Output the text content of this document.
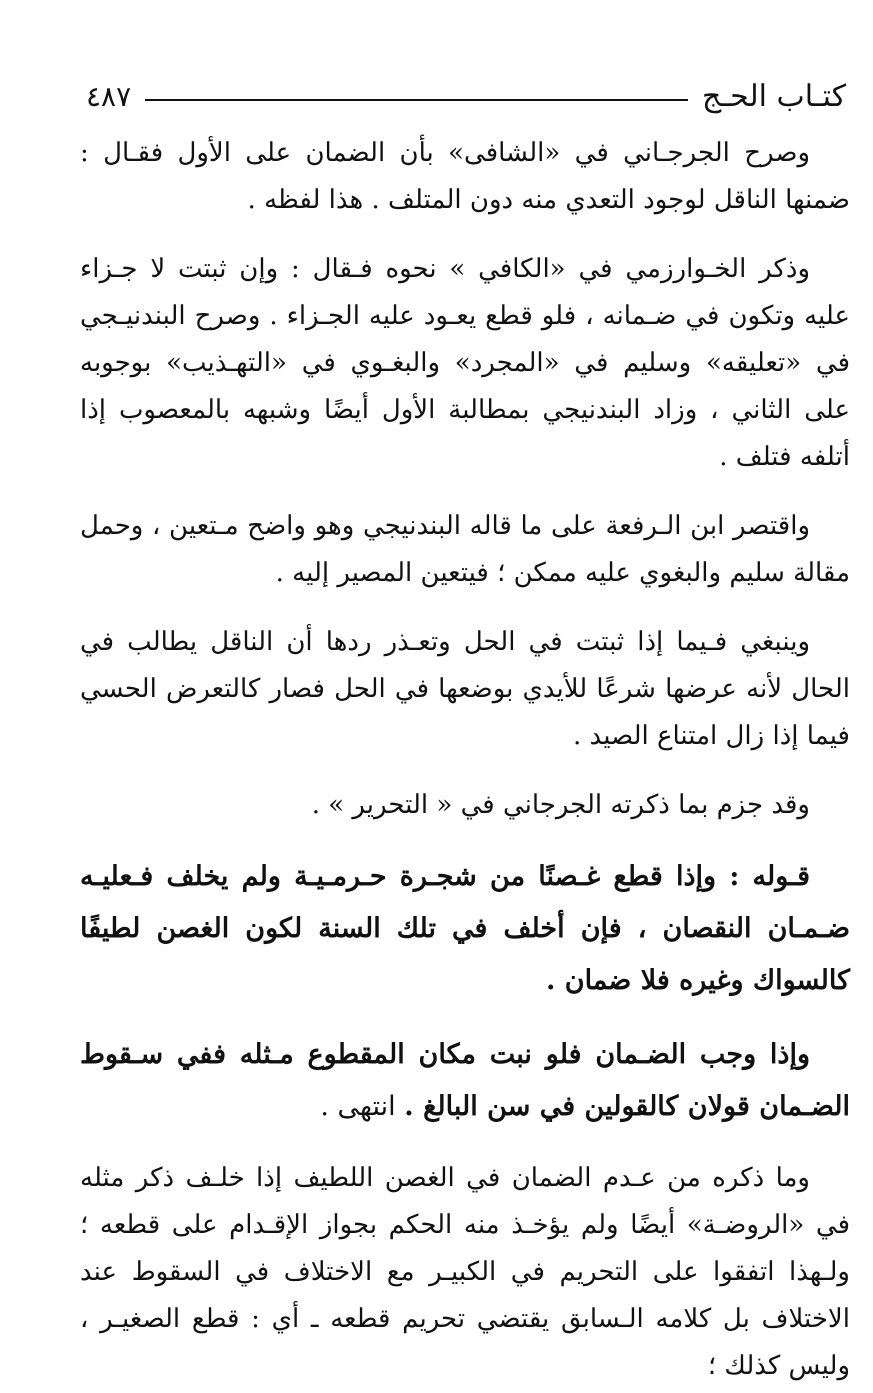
٤٨٧	كتـاب الحـج

وصرح الجرجـاني في «الشافى» بأن الضمان على الأول فقـال : ضمنها الناقل لوجود التعدي منه دون المتلف . هذا لفظه .

وذكر الخـوارزمي في «الكافي » نحوه فـقال : وإن ثبتت لا جـزاء عليه وتكون في ضـمانه ، فلو قطع يعـود عليه الجـزاء . وصرح البندنيـجي في «تعليقه» وسليم في «المجرد» والبغـوي في «التهـذيب» بوجوبه على الثاني ، وزاد البندنيجي بمطالبة الأول أيضًا وشبهه بالمعصوب إذا أتلفه فتلف .

واقتصر ابن الـرفعة على ما قاله البندنيجي وهو واضح مـتعين ، وحمل مقالة سليم والبغوي عليه ممكن ؛ فيتعين المصير إليه .

وينبغي فـيما إذا ثبتت في الحل وتعـذر ردها أن الناقل يطالب في الحال لأنه عرضها شرعًا للأيدي بوضعها في الحل فصار كالتعرض الحسي فيما إذا زال امتناع الصيد .

وقد جزم بما ذكرته الجرجاني في « التحرير » .

قـوله : وإذا قطع غـصنًا من شجـرة حـرمـيـة ولم يخلف فـعليـه ضـمـان النقصان ، فإن أخلف في تلك السنة لكون الغصن لطيفًا كالسواك وغيره فلا ضمان .

وإذا وجب الضـمان فلو نبت مكان المقطوع مـثله ففي سـقوط الضـمان قولان كالقولين في سن البالغ . انتهى .

وما ذكره من عـدم الضمان في الغصن اللطيف إذا خلـف ذكر مثله في «الروضـة» أيضًا ولم يؤخـذ منه الحكم بجواز الإقـدام على قطعه ؛ ولـهذا اتفقوا على التحريم في الكبيـر مع الاختلاف في السقوط عند الاختلاف بل كلامه الـسابق يقتضي تحريم قطعه ـ أي : قطع الصغيـر ، وليس كذلك ؛
